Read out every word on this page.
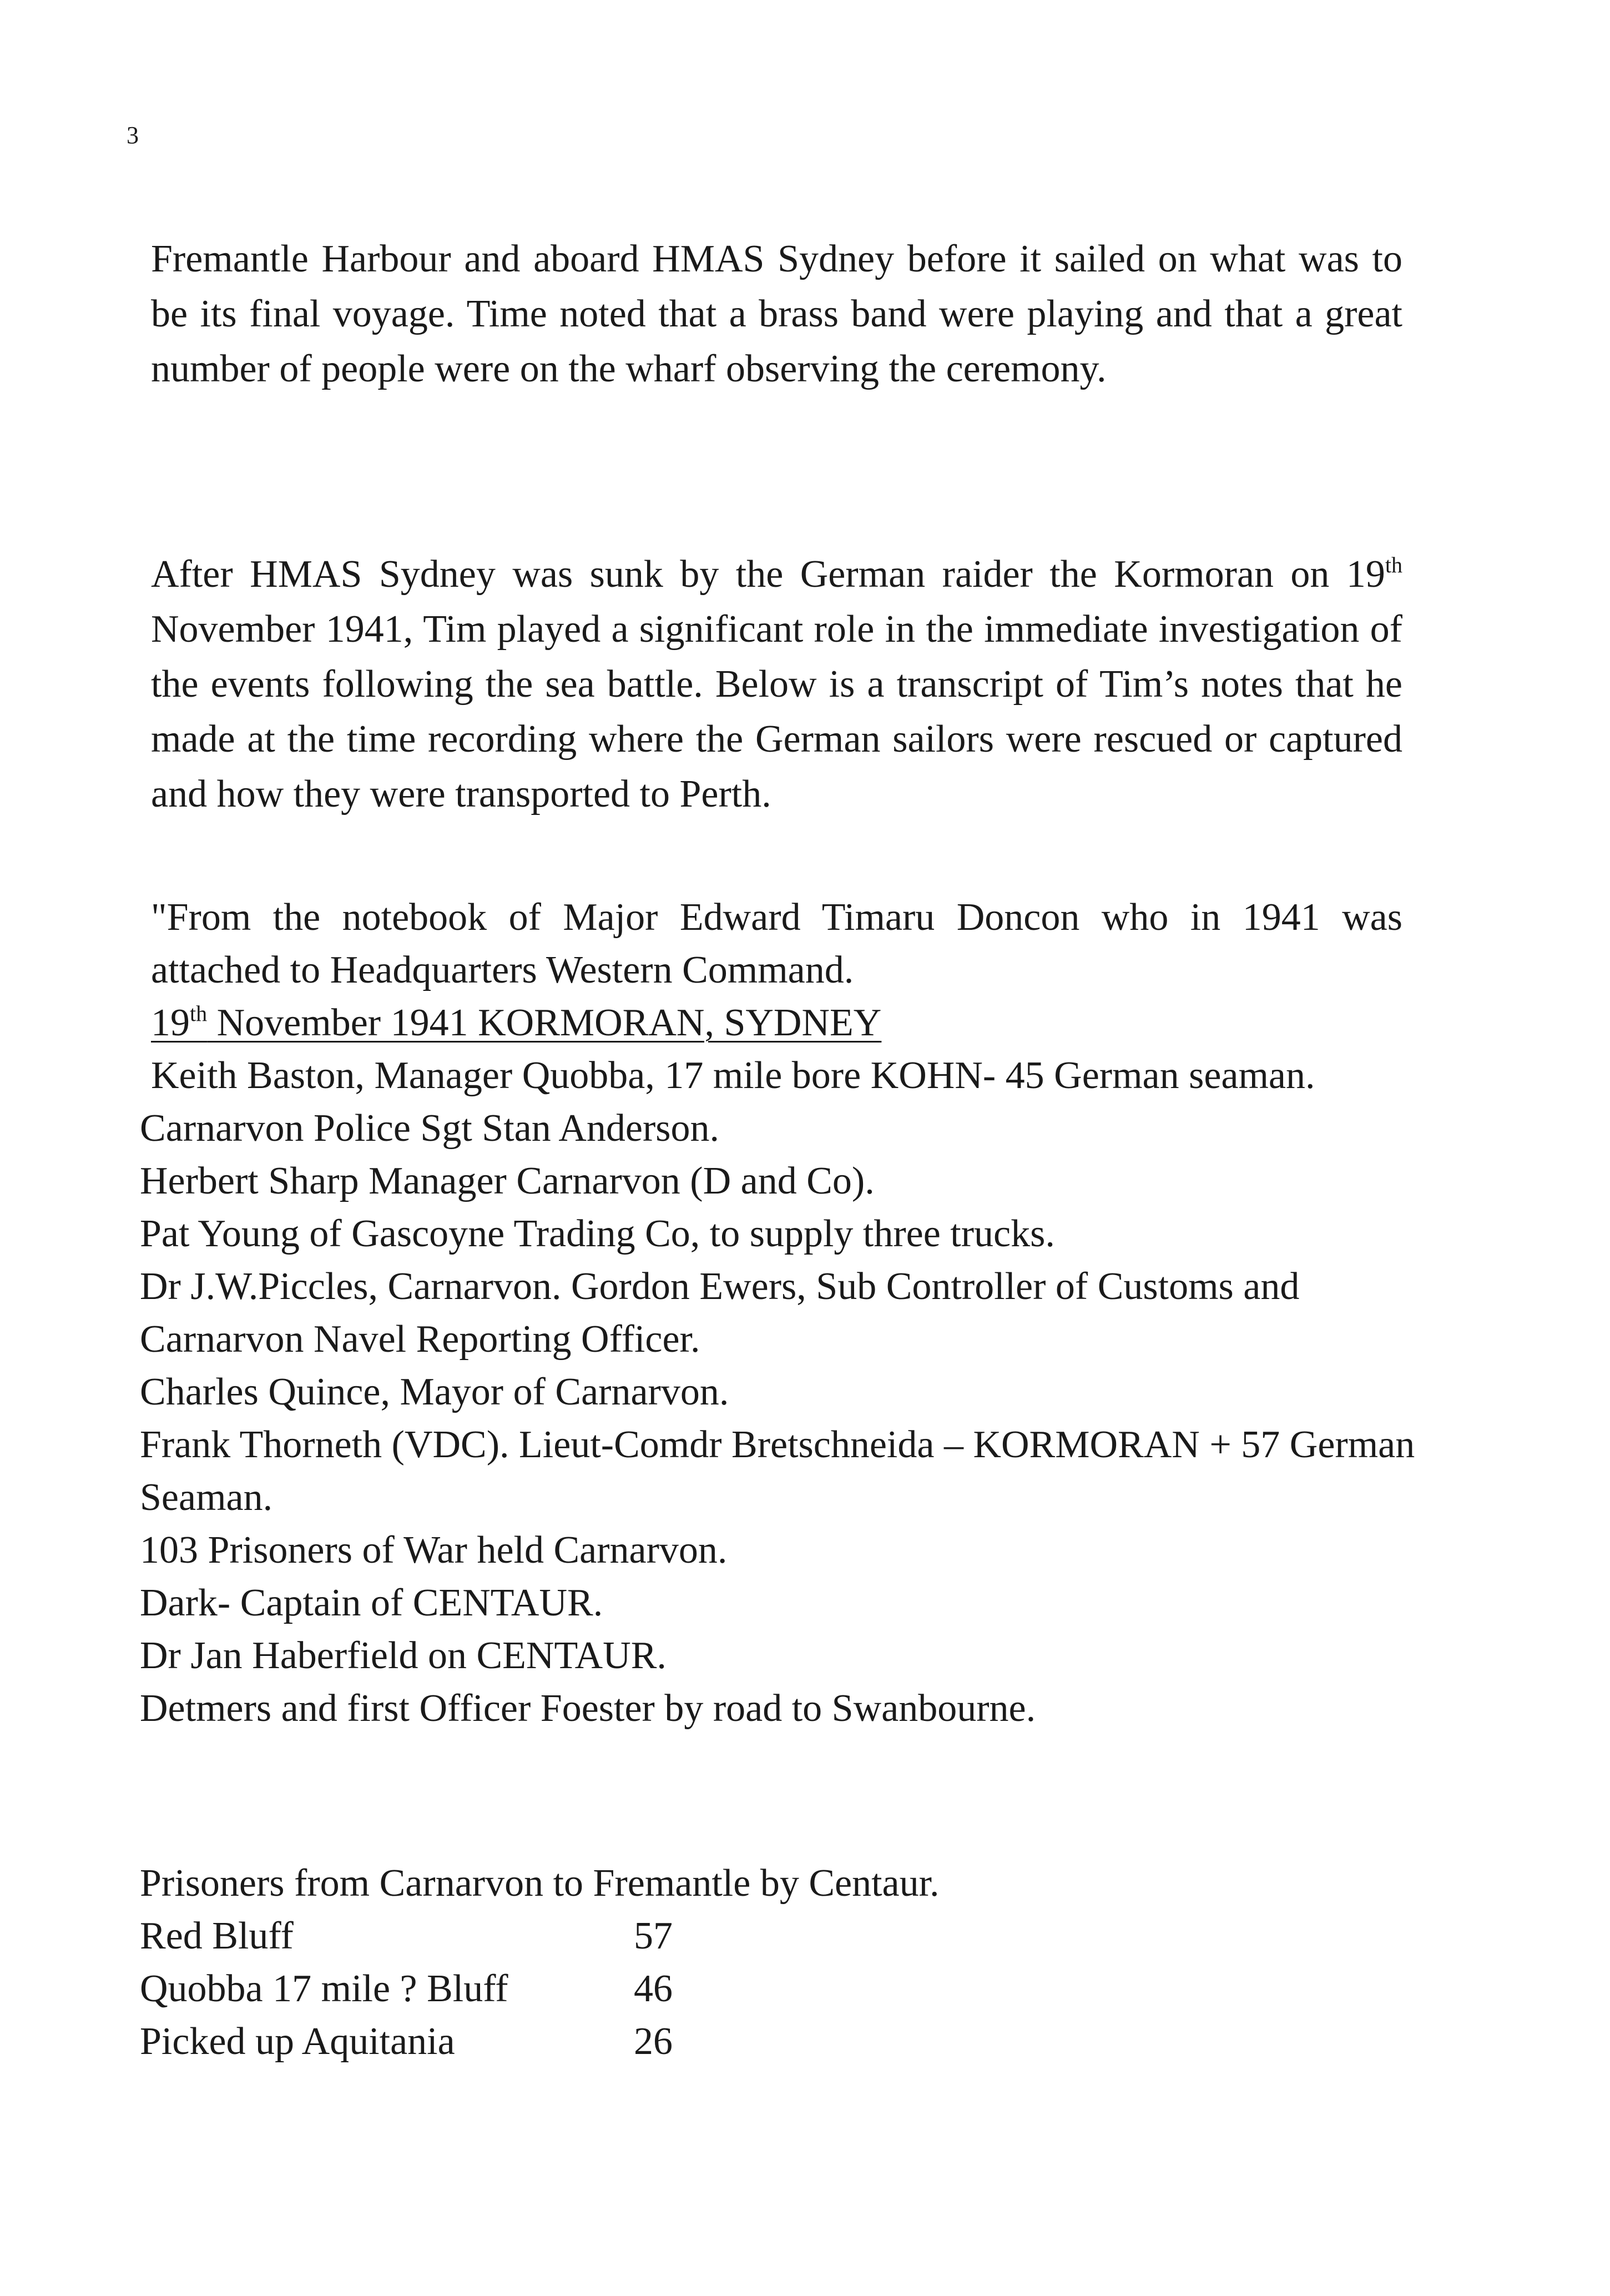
3

Fremantle Harbour and aboard HMAS Sydney before it sailed on what was to be its final voyage. Time noted that a brass band were playing and that a great number of people were on the wharf observing the ceremony.

After HMAS Sydney was sunk by the German raider the Kormoran on 19th November 1941, Tim played a significant role in the immediate investigation of the events following the sea battle. Below is a transcript of Tim’s notes that he made at the time recording where the German sailors were rescued or captured and how they were transported to Perth.

"From the notebook of Major Edward Timaru Doncon who in 1941 was attached to Headquarters Western Command.
19th November 1941 KORMORAN, SYDNEY
Keith Baston, Manager Quobba, 17 mile bore KOHN- 45 German seaman.
Carnarvon Police Sgt Stan Anderson.
Herbert Sharp Manager Carnarvon (D and Co).
Pat Young of Gascoyne Trading Co, to supply three trucks.
Dr J.W.Piccles, Carnarvon. Gordon Ewers, Sub Controller of Customs and Carnarvon Navel Reporting Officer.
Charles Quince, Mayor of Carnarvon.
Frank Thorneth (VDC). Lieut-Comdr Bretschneida – KORMORAN + 57 German Seaman.
103 Prisoners of War held Carnarvon.
Dark- Captain of CENTAUR.
Dr Jan Haberfield on CENTAUR.
Detmers and first Officer Foester by road to Swanbourne.
Prisoners from Carnarvon to Fremantle by Centaur.
Red Bluff	57
Quobba 17 mile ? Bluff	46
Picked up Aquitania	26
